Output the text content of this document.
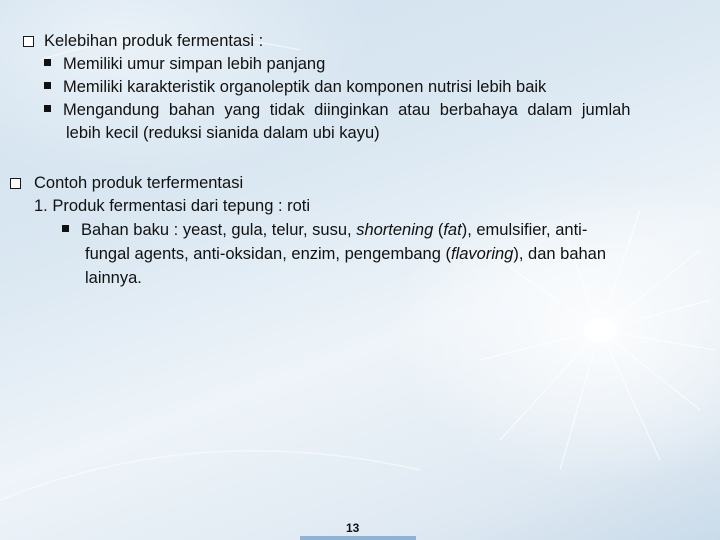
Kelebihan produk fermentasi :
Memiliki umur simpan lebih panjang
Memiliki karakteristik organoleptik dan komponen nutrisi lebih baik
Mengandung bahan yang tidak diinginkan atau berbahaya dalam jumlah
lebih kecil (reduksi sianida dalam ubi kayu)
Contoh produk terfermentasi
1. Produk fermentasi dari tepung : roti
Bahan baku : yeast, gula, telur, susu, shortening (fat), emulsifier, anti-
fungal agents, anti-oksidan, enzim, pengembang (flavoring), dan bahan
lainnya.
13
